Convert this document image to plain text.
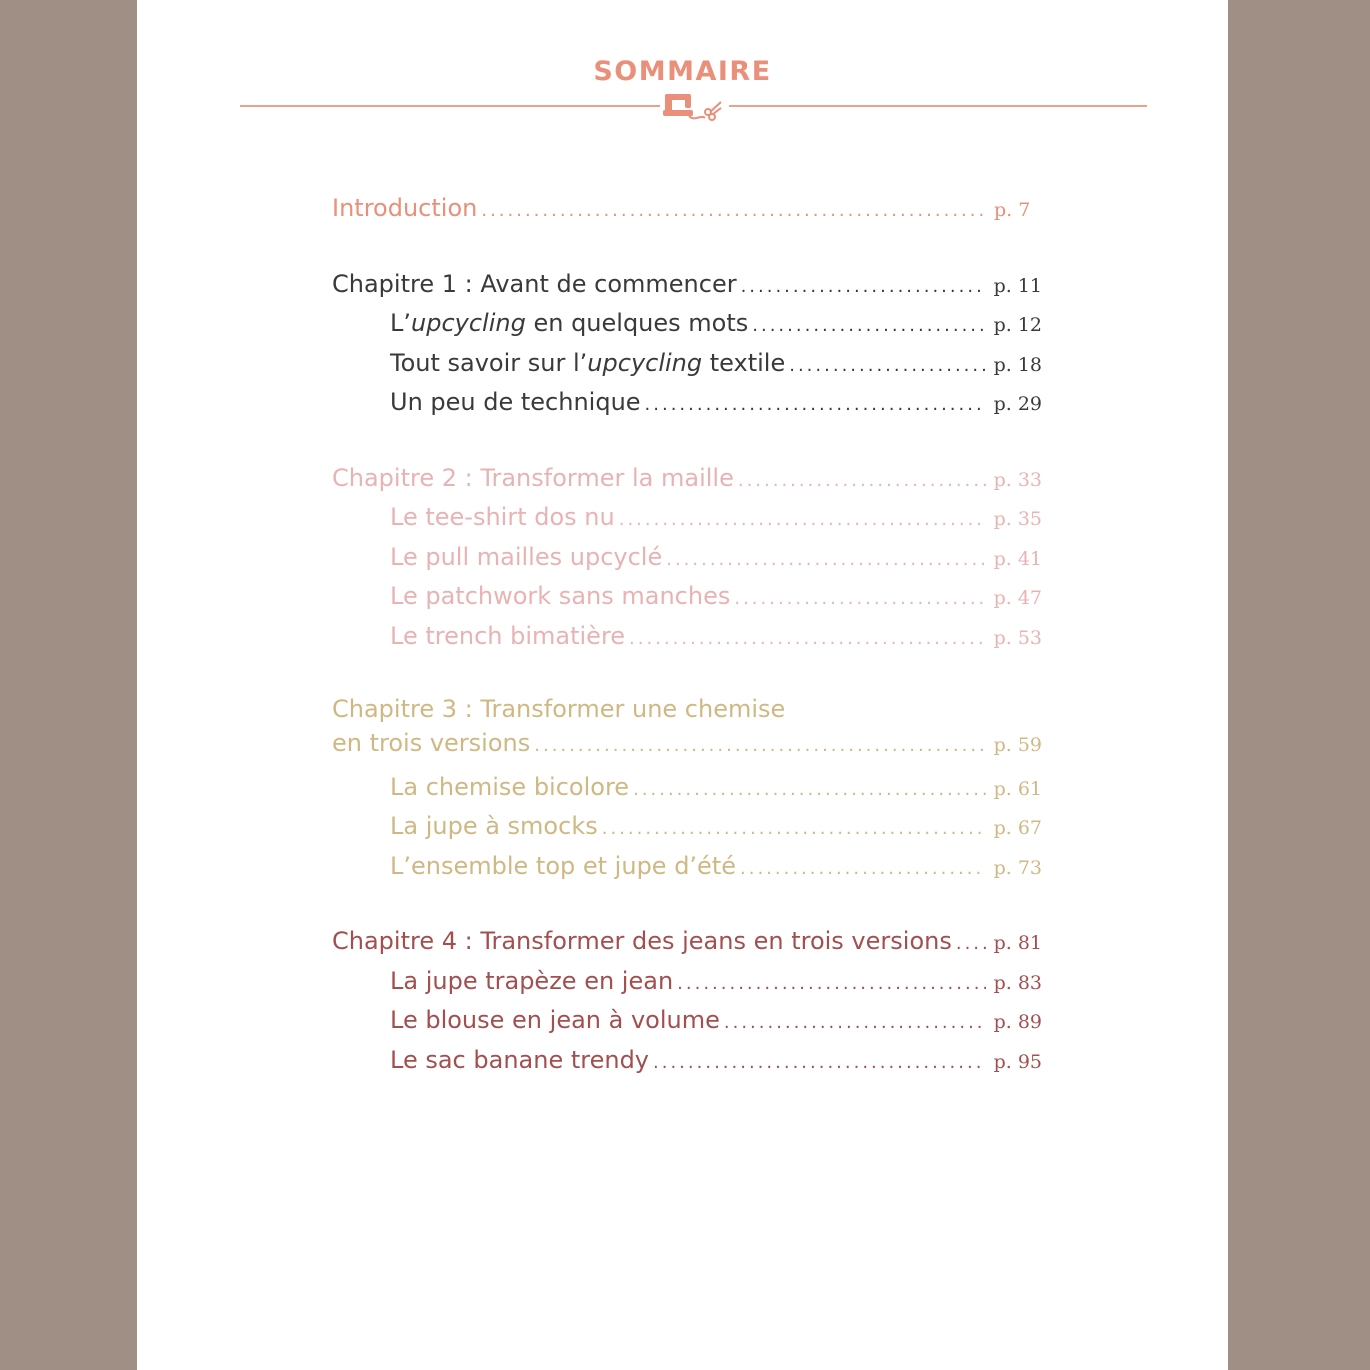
SOMMAIRE
Introduction .....	p. 7
Chapitre 1 : Avant de commencer .....	p. 11
L’upcycling en quelques mots .....	p. 12
Tout savoir sur l’upcycling textile .....	p. 18
Un peu de technique .....	p. 29
Chapitre 2 : Transformer la maille .....	p. 33
Le tee-shirt dos nu .....	p. 35
Le pull mailles upcyclé .....	p. 41
Le patchwork sans manches .....	p. 47
Le trench bimatière .....	p. 53
Chapitre 3 : Transformer une chemise
en trois versions .....	p. 59
La chemise bicolore .....	p. 61
La jupe à smocks .....	p. 67
L’ensemble top et jupe d’été .....	p. 73
Chapitre 4 : Transformer des jeans en trois versions ..... p. 81
La jupe trapèze en jean .....	p. 83
Le blouse en jean à volume .....	p. 89
Le sac banane trendy .....	p. 95
